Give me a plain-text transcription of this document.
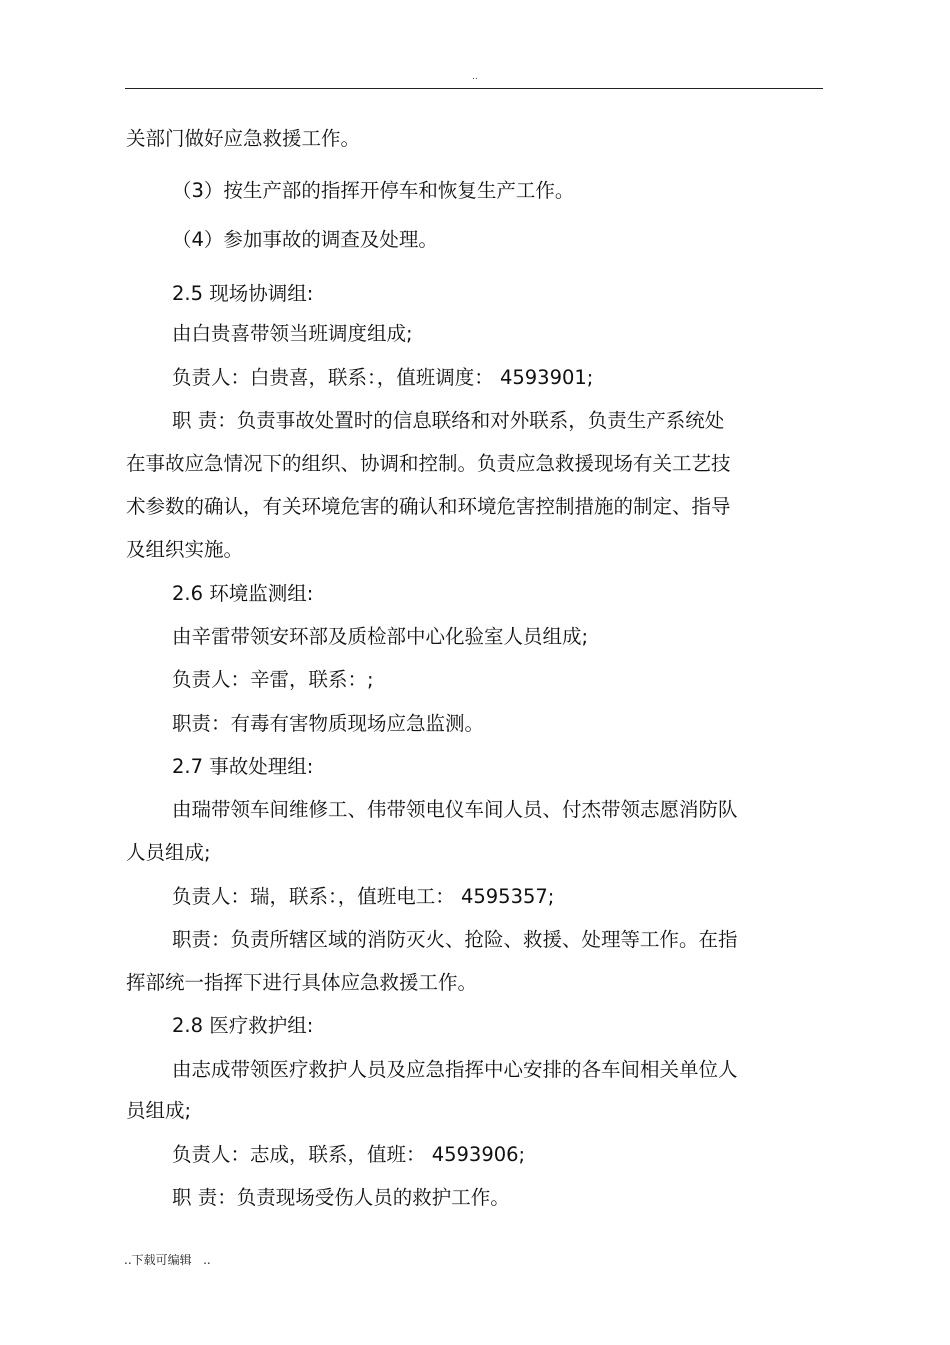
..
关部门做好应急救援工作。
（3）按生产部的指挥开停车和恢复生产工作。
（4）参加事故的调查及处理。
2.5 现场协调组:
由白贵喜带领当班调度组成;
负责人：白贵喜，联系：，值班调度： 4593901;
职 责：负责事故处置时的信息联络和对外联系，负责生产系统处
在事故应急情况下的组织、协调和控制。负责应急救援现场有关工艺技
术参数的确认，有关环境危害的确认和环境危害控制措施的制定、指导
及组织实施。
2.6 环境监测组:
由辛雷带领安环部及质检部中心化验室人员组成;
负责人：辛雷，联系：;
职责：有毒有害物质现场应急监测。
2.7 事故处理组:
由瑞带领车间维修工、伟带领电仪车间人员、付杰带领志愿消防队
人员组成;
负责人：瑞，联系：，值班电工： 4595357;
职责：负责所辖区域的消防灭火、抢险、救援、处理等工作。在指
挥部统一指挥下进行具体应急救援工作。
2.8 医疗救护组:
由志成带领医疗救护人员及应急指挥中心安排的各车间相关单位人
员组成;
负责人：志成，联系，值班： 4593906;
职 责：负责现场受伤人员的救护工作。
..下载可编辑   ..
